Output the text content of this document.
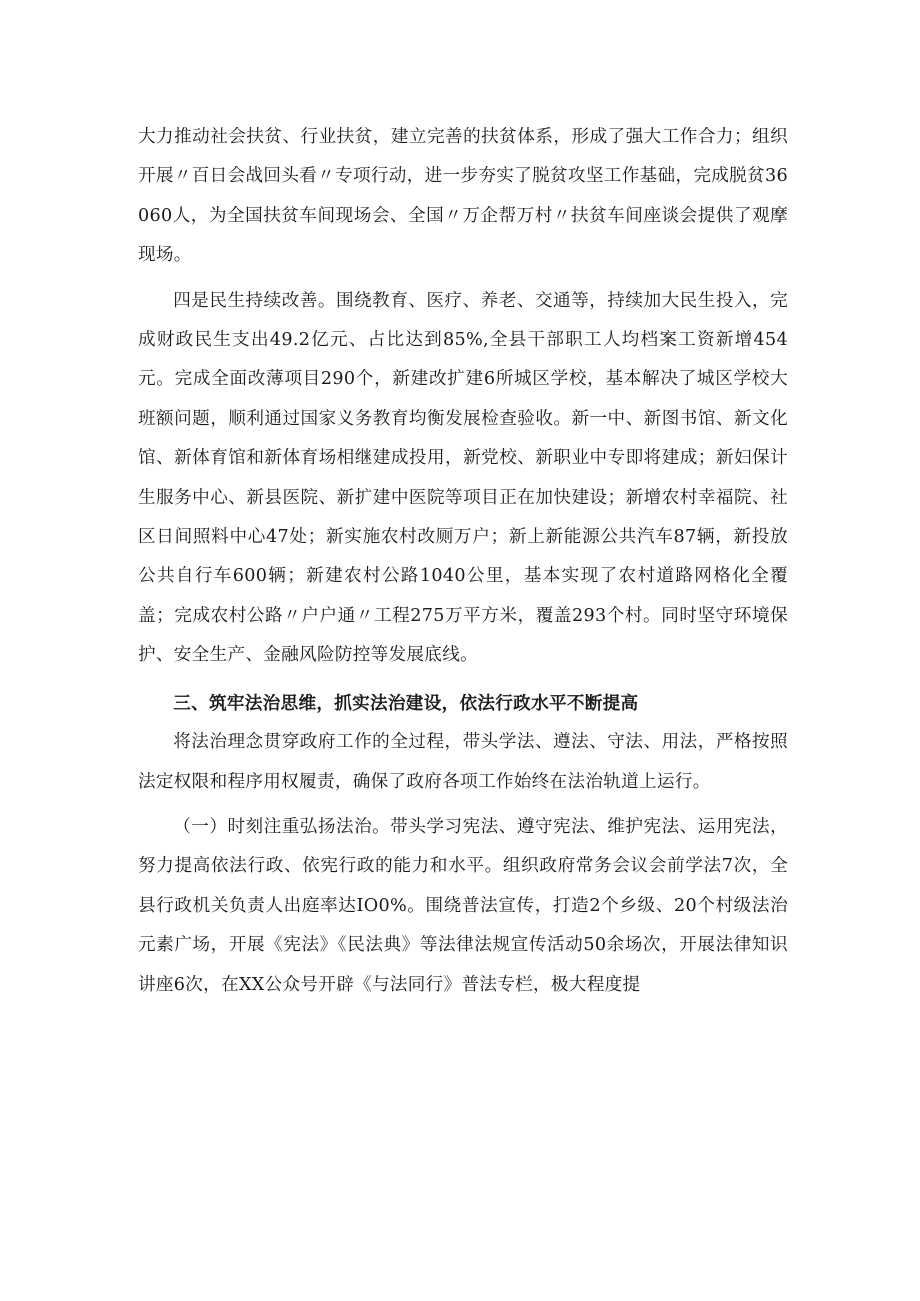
大力推动社会扶贫、行业扶贫，建立完善的扶贫体系，形成了强大工作合力；组织开展〃百日会战回头看〃专项行动，进一步夯实了脱贫攻坚工作基础，完成脱贫36060人，为全国扶贫车间现场会、全国〃万企帮万村〃扶贫车间座谈会提供了观摩现场。

四是民生持续改善。围绕教育、医疗、养老、交通等，持续加大民生投入，完成财政民生支出49.2亿元、占比达到85%,全县干部职工人均档案工资新增454元。完成全面改薄项目290个，新建改扩建6所城区学校，基本解决了城区学校大班额问题，顺利通过国家义务教育均衡发展检查验收。新一中、新图书馆、新文化馆、新体育馆和新体育场相继建成投用，新党校、新职业中专即将建成；新妇保计生服务中心、新县医院、新扩建中医院等项目正在加快建设；新增农村幸福院、社区日间照料中心47处；新实施农村改厕万户；新上新能源公共汽车87辆，新投放公共自行车600辆；新建农村公路1040公里，基本实现了农村道路网格化全覆盖；完成农村公路〃户户通〃工程275万平方米，覆盖293个村。同时坚守环境保护、安全生产、金融风险防控等发展底线。

三、筑牢法治思维，抓实法治建设，依法行政水平不断提高

将法治理念贯穿政府工作的全过程，带头学法、遵法、守法、用法，严格按照法定权限和程序用权履责，确保了政府各项工作始终在法治轨道上运行。

（一）时刻注重弘扬法治。带头学习宪法、遵守宪法、维护宪法、运用宪法，努力提高依法行政、依宪行政的能力和水平。组织政府常务会议会前学法7次，全县行政机关负责人出庭率达IO0%。围绕普法宣传，打造2个乡级、20个村级法治元素广场，开展《宪法》《民法典》等法律法规宣传活动50余场次，开展法律知识讲座6次，在XX公众号开辟《与法同行》普法专栏，极大程度提
